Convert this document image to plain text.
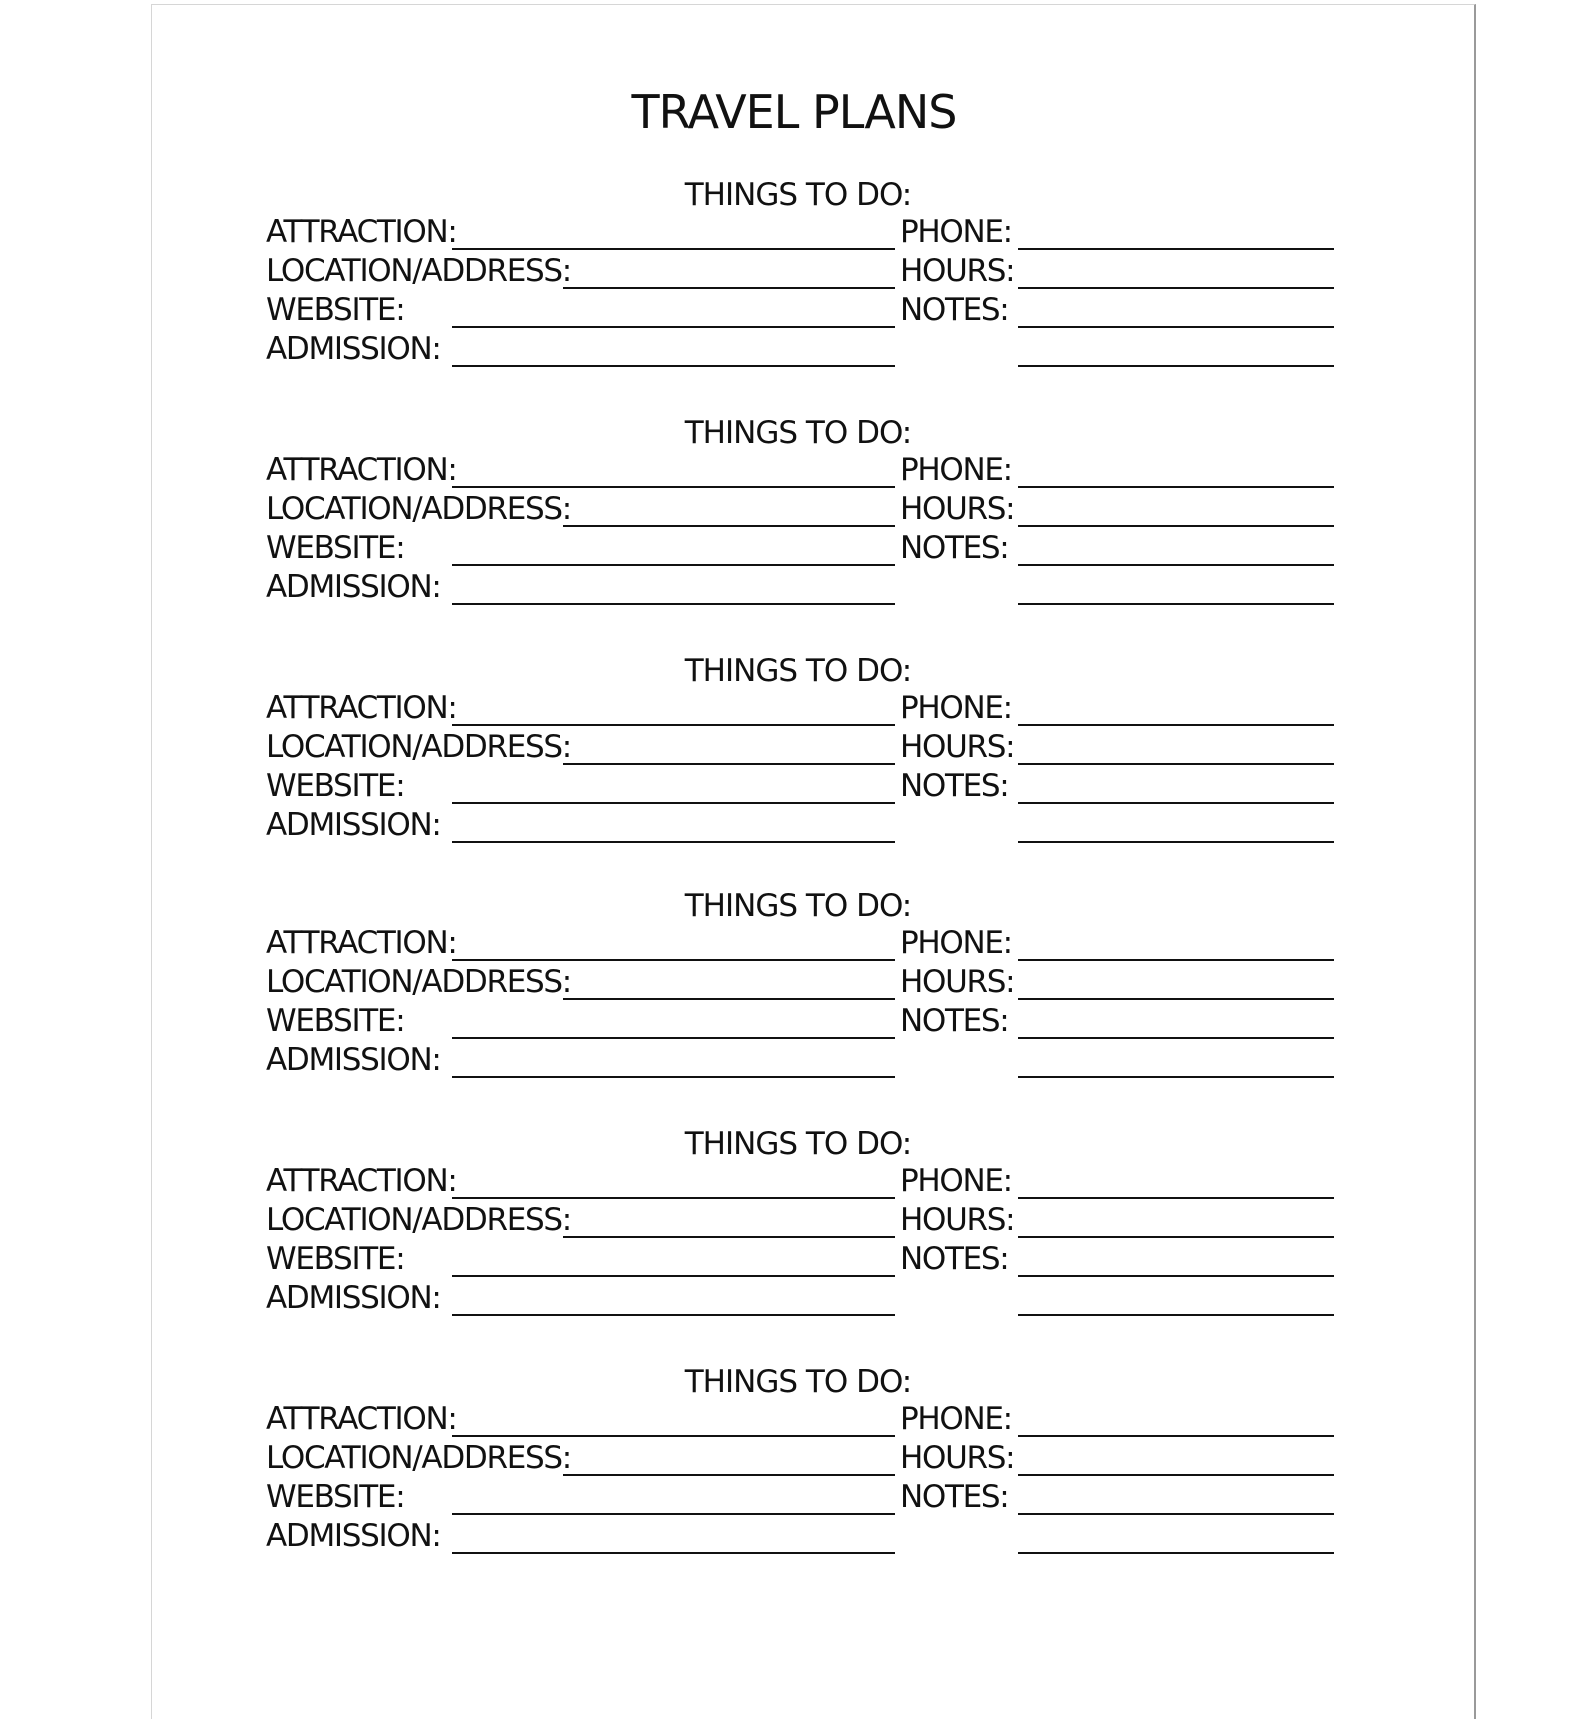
TRAVEL PLANS
THINGS TO DO:
ATTRACTION:
LOCATION/ADDRESS:
WEBSITE:
ADMISSION:
PHONE:
HOURS:
NOTES:
THINGS TO DO:
ATTRACTION:
LOCATION/ADDRESS:
WEBSITE:
ADMISSION:
PHONE:
HOURS:
NOTES:
THINGS TO DO:
ATTRACTION:
LOCATION/ADDRESS:
WEBSITE:
ADMISSION:
PHONE:
HOURS:
NOTES:
THINGS TO DO:
ATTRACTION:
LOCATION/ADDRESS:
WEBSITE:
ADMISSION:
PHONE:
HOURS:
NOTES:
THINGS TO DO:
ATTRACTION:
LOCATION/ADDRESS:
WEBSITE:
ADMISSION:
PHONE:
HOURS:
NOTES:
THINGS TO DO:
ATTRACTION:
LOCATION/ADDRESS:
WEBSITE:
ADMISSION:
PHONE:
HOURS:
NOTES:
